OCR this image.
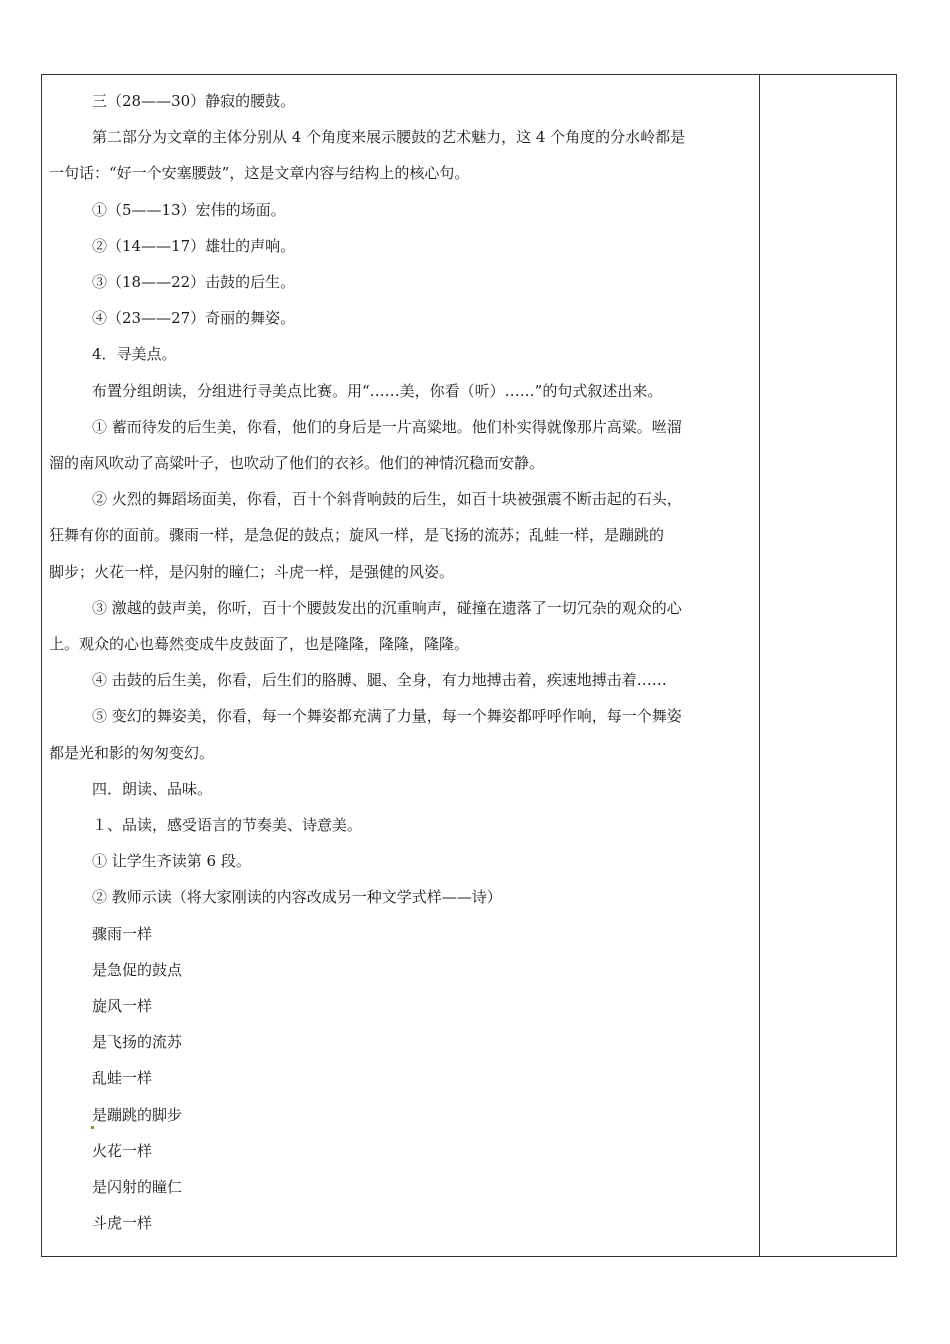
三（28——30）静寂的腰鼓。
第二部分为文章的主体分别从 4 个角度来展示腰鼓的艺术魅力，这 4 个角度的分水岭都是
一句话：“好一个安塞腰鼓”，这是文章内容与结构上的核心句。
①（5——13）宏伟的场面。
②（14——17）雄壮的声响。
③（18——22）击鼓的后生。
④（23——27）奇丽的舞姿。
4．寻美点。
布置分组朗读，分组进行寻美点比赛。用“……美，你看（听）……”的句式叙述出来。
① 蓄而待发的后生美，你看，他们的身后是一片高粱地。他们朴实得就像那片高粱。咝溜
溜的南风吹动了高粱叶子，也吹动了他们的衣衫。他们的神情沉稳而安静。
② 火烈的舞蹈场面美，你看，百十个斜背响鼓的后生，如百十块被强震不断击起的石头，
狂舞有你的面前。骤雨一样，是急促的鼓点；旋风一样，是飞扬的流苏；乱蛙一样，是蹦跳的
脚步；火花一样，是闪射的瞳仁；斗虎一样，是强健的风姿。
③ 激越的鼓声美，你听，百十个腰鼓发出的沉重响声，碰撞在遗落了一切冗杂的观众的心
上。观众的心也蓦然变成牛皮鼓面了，也是隆隆，隆隆，隆隆。
④ 击鼓的后生美，你看，后生们的胳膊、腿、全身，有力地搏击着，疾速地搏击着……
⑤ 变幻的舞姿美，你看，每一个舞姿都充满了力量，每一个舞姿都呼呼作响，每一个舞姿
都是光和影的匆匆变幻。
四．朗读、品味。
１、品读，感受语言的节奏美、诗意美。
① 让学生齐读第 6 段。
② 教师示读（将大家刚读的内容改成另一种文学式样——诗）
骤雨一样
是急促的鼓点
旋风一样
是飞扬的流苏
乱蛙一样
是蹦跳的脚步
火花一样
是闪射的瞳仁
斗虎一样
